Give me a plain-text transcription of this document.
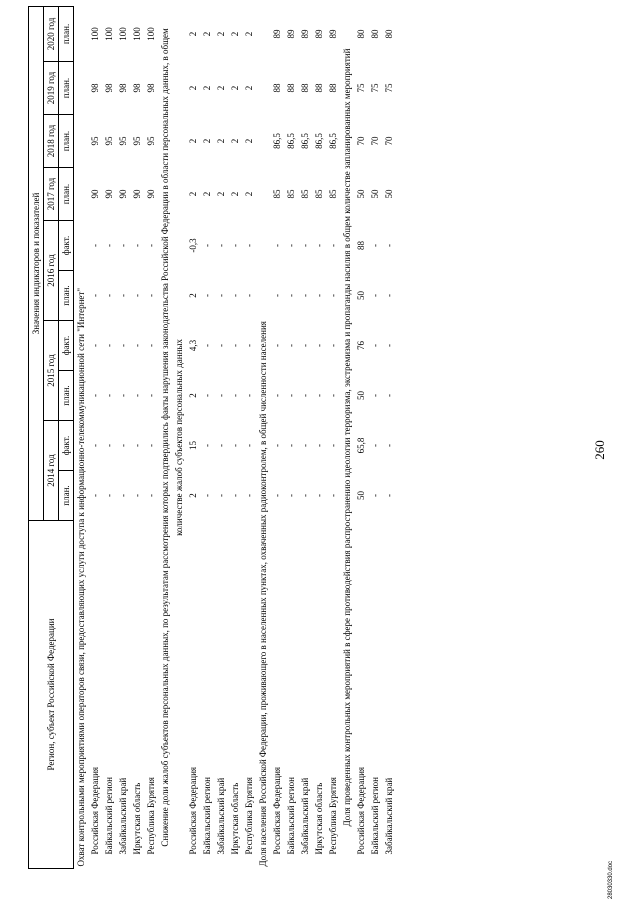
260
28030330.doc
Регион, субъект Российской Федерации	Значения индикаторов и показателей									
	2014 год		2015 год		2016 год		2017 год	2018 год	2019 год	2020 год
	план.	факт.	план.	факт.	план.	факт.	план.	план.	план.	план.
Охват контрольными мероприятиями операторов связи, предоставляющих услуги доступа к информационно-телекоммуникационной сети "Интернет"										
Российская Федерация	-	-	-	-	-	-	90	95	98	100
Байкальский регион	-	-	-	-	-	-	90	95	98	100
Забайкальский край	-	-	-	-	-	-	90	95	98	100
Иркутская область	-	-	-	-	-	-	90	95	98	100
Республика Бурятия	-	-	-	-	-	-	90	95	98	100
Снижение доли жалоб субъектов персональных данных, по результатам рассмотрения которых подтвердились факты нарушения законодательства Российской Федерации в области персональных данных, в общем количестве жалоб субъектов персональных данных										
Российская Федерация	2	15	2	4,3	2	-0,3	2	2	2	2
Байкальский регион	-	-	-	-	-	-	2	2	2	2
Забайкальский край	-	-	-	-	-	-	2	2	2	2
Иркутская область	-	-	-	-	-	-	2	2	2	2
Республика Бурятия	-	-	-	-	-	-	2	2	2	2
Доля населения Российской Федерации, проживающего в населенных пунктах, охваченных радиоконтролем, в общей численности населения										
Российская Федерация	-	-	-	-	-	-	85	86,5	88	89
Байкальский регион	-	-	-	-	-	-	85	86,5	88	89
Забайкальский край	-	-	-	-	-	-	85	86,5	88	89
Иркутская область	-	-	-	-	-	-	85	86,5	88	89
Республика Бурятия	-	-	-	-	-	-	85	86,5	88	89
Доля проведенных контрольных мероприятий в сфере противодействия распространению идеологии терроризма, экстремизма и пропаганды насилия в общем количестве запланированных мероприятий										
Российская Федерация	50	65,8	50	76	50	88	50	70	75	80
Байкальский регион	-	-	-	-	-	-	50	70	75	80
Забайкальский край	-	-	-	-	-	-	50	70	75	80
